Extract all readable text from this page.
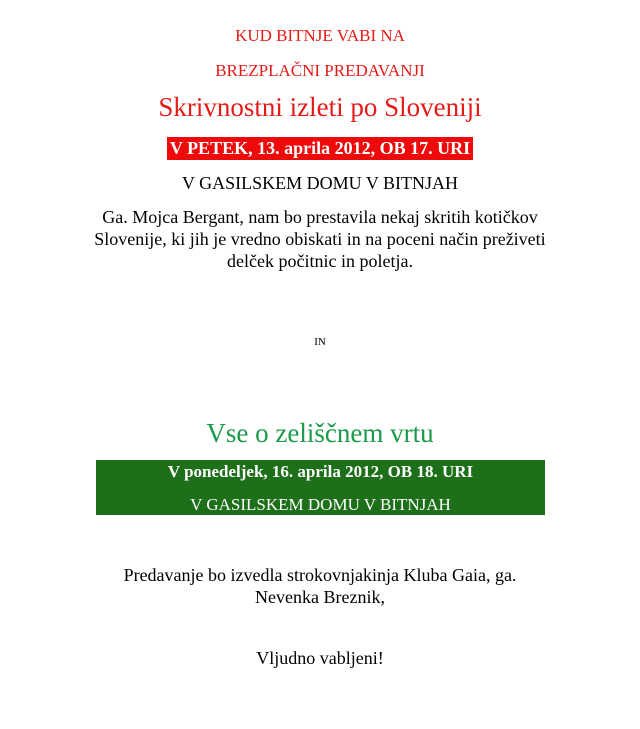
KUD BITNJE VABI NA
BREZPLAČNI PREDAVANJI
Skrivnostni izleti po Sloveniji
V PETEK, 13. aprila 2012, OB 17. URI
V GASILSKEM DOMU V BITNJAH
Ga. Mojca Bergant, nam bo prestavila nekaj skritih kotičkov
Slovenije, ki jih je vredno obiskati in na poceni način preživeti
delček počitnic in poletja.
IN
Vse o zeliščnem vrtu
V ponedeljek, 16. aprila 2012, OB 18. URI
V GASILSKEM DOMU V BITNJAH
Predavanje bo izvedla strokovnjakinja Kluba Gaia, ga.
Nevenka Breznik,
Vljudno vabljeni!
